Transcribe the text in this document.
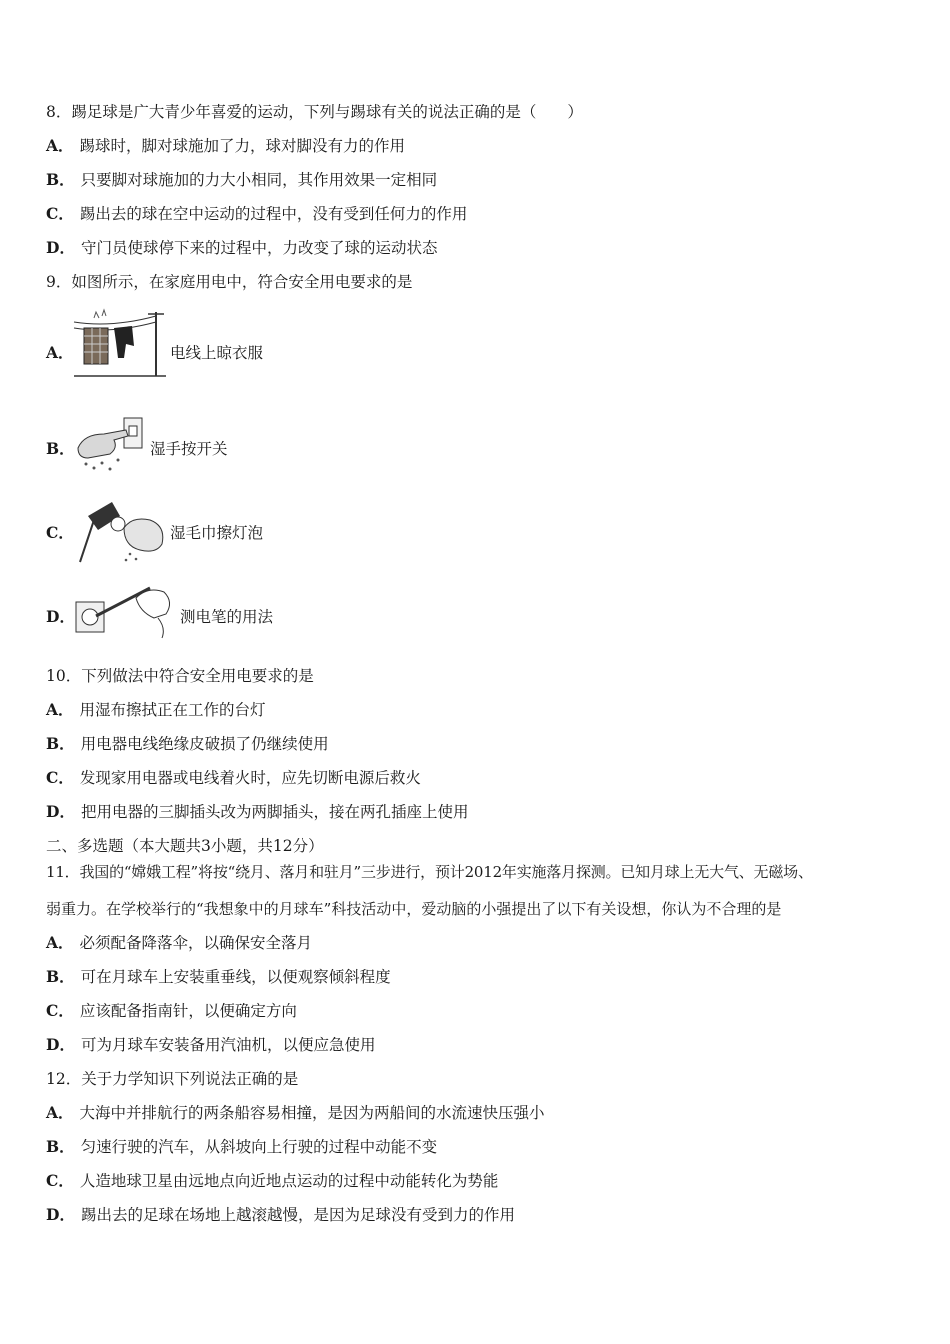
8．踢足球是广大青少年喜爱的运动，下列与踢球有关的说法正确的是（　　）
A． 踢球时，脚对球施加了力，球对脚没有力的作用
B． 只要脚对球施加的力大小相同，其作用效果一定相同
C． 踢出去的球在空中运动的过程中，没有受到任何力的作用
D． 守门员使球停下来的过程中，力改变了球的运动状态
9．如图所示，在家庭用电中，符合安全用电要求的是
A．	电线上晾衣服
B．	湿手按开关
C．	湿毛巾擦灯泡
D．	测电笔的用法
10．下列做法中符合安全用电要求的是
A． 用湿布擦拭正在工作的台灯
B． 用电器电线绝缘皮破损了仍继续使用
C． 发现家用电器或电线着火时，应先切断电源后救火
D． 把用电器的三脚插头改为两脚插头，接在两孔插座上使用
二、多选题（本大题共3小题，共12分）
11．我国的“嫦娥工程”将按“绕月、落月和驻月”三步进行，预计2012年实施落月探测。已知月球上无大气、无磁场、
弱重力。在学校举行的“我想象中的月球车”科技活动中，爱动脑的小强提出了以下有关设想，你认为不合理的是
A． 必须配备降落伞，以确保安全落月
B． 可在月球车上安装重垂线，以便观察倾斜程度
C． 应该配备指南针，以便确定方向
D． 可为月球车安装备用汽油机，以便应急使用
12．关于力学知识下列说法正确的是
A． 大海中并排航行的两条船容易相撞，是因为两船间的水流速快压强小
B． 匀速行驶的汽车，从斜坡向上行驶的过程中动能不变
C． 人造地球卫星由远地点向近地点运动的过程中动能转化为势能
D． 踢出去的足球在场地上越滚越慢，是因为足球没有受到力的作用
